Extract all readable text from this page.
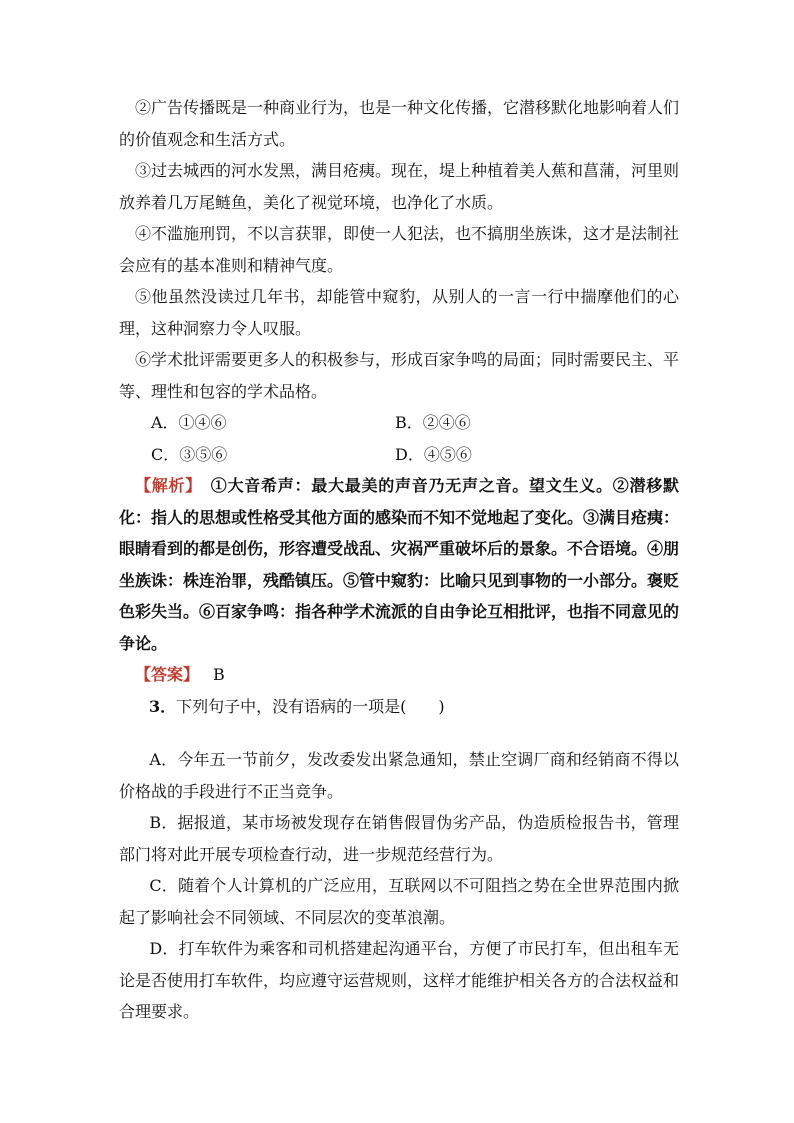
②广告传播既是一种商业行为，也是一种文化传播，它潜移默化地影响着人们的价值观念和生活方式。

③过去城西的河水发黑，满目疮痍。现在，堤上种植着美人蕉和菖蒲，河里则放养着几万尾鲢鱼，美化了视觉环境，也净化了水质。

④不滥施刑罚，不以言获罪，即使一人犯法，也不搞朋坐族诛，这才是法制社会应有的基本准则和精神气度。

⑤他虽然没读过几年书，却能管中窥豹，从别人的一言一行中揣摩他们的心理，这种洞察力令人叹服。

⑥学术批评需要更多人的积极参与，形成百家争鸣的局面；同时需要民主、平等、理性和包容的学术品格。

A．①④⑥	B．②④⑥
C．③⑤⑥	D．④⑤⑥

【解析】　 ①大音希声：最大最美的声音乃无声之音。望文生义。②潜移默化：指人的思想或性格受其他方面的感染而不知不觉地起了变化。③满目疮痍：眼睛看到的都是创伤，形容遭受战乱、灾祸严重破坏后的景象。不合语境。④朋坐族诛：株连治罪，残酷镇压。⑤管中窥豹：比喻只见到事物的一小部分。褒贬色彩失当。⑥百家争鸣：指各种学术流派的自由争论互相批评，也指不同意见的争论。

【答案】 B
3．下列句子中，没有语病的一项是(　　)

A．今年五一节前夕，发改委发出紧急通知，禁止空调厂商和经销商不得以价格战的手段进行不正当竞争。

B．据报道，某市场被发现存在销售假冒伪劣产品，伪造质检报告书，管理部门将对此开展专项检查行动，进一步规范经营行为。

C．随着个人计算机的广泛应用，互联网以不可阻挡之势在全世界范围内掀起了影响社会不同领域、不同层次的变革浪潮。

D．打车软件为乘客和司机搭建起沟通平台，方便了市民打车，但出租车无论是否使用打车软件，均应遵守运营规则，这样才能维护相关各方的合法权益和合理要求。
